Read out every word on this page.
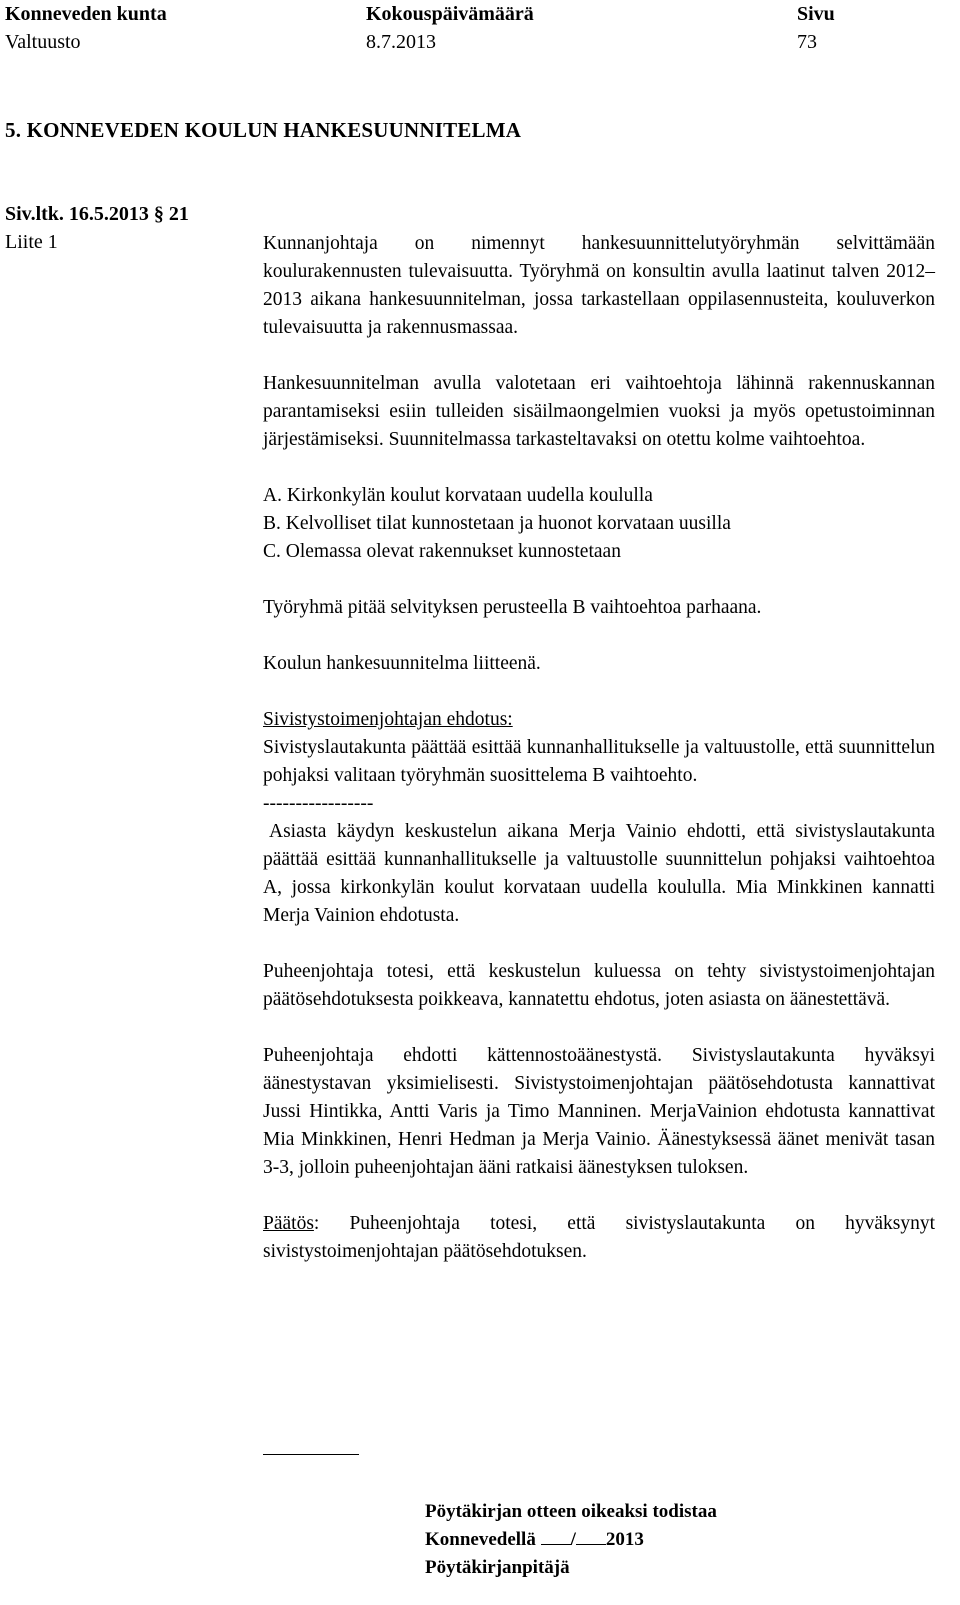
Konneveden kunta
Valtuusto
Kokouspäivämäärä
8.7.2013
Sivu
73
5. KONNEVEDEN KOULUN HANKESUUNNITELMA
Siv.ltk. 16.5.2013 § 21
Liite 1	Kunnanjohtaja on nimennyt hankesuunnittelutyöryhmän selvittämään koulurakennusten tulevaisuutta. Työryhmä on konsultin avulla laatinut talven 2012–2013 aikana hankesuunnitelman, jossa tarkastellaan oppilasennusteita, kouluverkon tulevaisuutta ja rakennusmassaa.

Hankesuunnitelman avulla valotetaan eri vaihtoehtoja lähinnä rakennuskannan parantamiseksi esiin tulleiden sisäilmaongelmien vuoksi ja myös opetustoiminnan järjestämiseksi. Suunnitelmassa tarkasteltavaksi on otettu kolme vaihtoehtoa.

A. Kirkonkylän koulut korvataan uudella koululla

B. Kelvolliset tilat kunnostetaan ja huonot korvataan uusilla

C. Olemassa olevat rakennukset kunnostetaan

Työryhmä pitää selvityksen perusteella B vaihtoehtoa parhaana.

Koulun hankesuunnitelma liitteenä.

Sivistystoimenjohtajan ehdotus:

Sivistyslautakunta päättää esittää kunnanhallitukselle ja valtuustolle, että suunnittelun pohjaksi valitaan työryhmän suosittelema B vaihtoehto.

-----------------

Asiasta käydyn keskustelun aikana Merja Vainio ehdotti, että sivistyslautakunta päättää esittää kunnanhallitukselle ja valtuustolle suunnittelun pohjaksi vaihtoehtoa A, jossa kirkonkylän koulut korvataan uudella koululla. Mia Minkkinen kannatti Merja Vainion ehdotusta.

Puheenjohtaja totesi, että keskustelun kuluessa on tehty sivistystoimenjohtajan päätösehdotuksesta poikkeava, kannatettu ehdotus, joten asiasta on äänestettävä.

Puheenjohtaja ehdotti kättennostoäänestystä. Sivistyslautakunta hyväksyi äänestystavan yksimielisesti. Sivistystoimenjohtajan päätösehdotusta kannattivat Jussi Hintikka, Antti Varis ja Timo Manninen. MerjaVainion ehdotusta kannattivat Mia Minkkinen, Henri Hedman ja Merja Vainio. Äänestyksessä äänet menivät tasan 3-3, jolloin puheenjohtajan ääni ratkaisi äänestyksen tuloksen.

Päätös: Puheenjohtaja totesi, että sivistyslautakunta on hyväksynyt sivistystoimenjohtajan päätösehdotuksen.

Pöytäkirjan otteen oikeaksi todistaa
Konnevedellä / 2013
Pöytäkirjanpitäjä
